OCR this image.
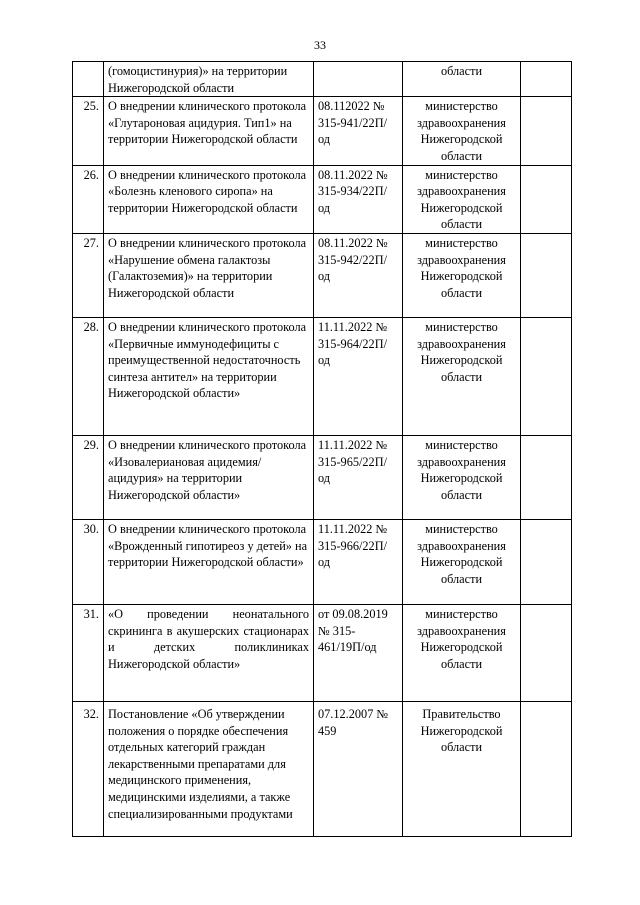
33
	(гомоцистинурия)» на территории Нижегородской области		области	
25.	О внедрении клинического протокола «Глутароновая ацидурия. Тип1» на территории Нижегородской области	08.112022 № 315-941/22П/од	министерство здравоохранения Нижегородской области	
26.	О внедрении клинического протокола «Болезнь кленового сиропа» на территории Нижегородской области	08.11.2022 № 315-934/22П/од	министерство здравоохранения Нижегородской области	
27.	О внедрении клинического протокола «Нарушение обмена галактозы (Галактоземия)» на территории Нижегородской области	08.11.2022 № 315-942/22П/од	министерство здравоохранения Нижегородской области	
28.	О внедрении клинического протокола «Первичные иммунодефициты с преимущественной недостаточность синтеза антител» на территории Нижегородской области»	11.11.2022 № 315-964/22П/од	министерство здравоохранения Нижегородской области	
29.	О внедрении клинического протокола «Изовалериановая ацидемия/ацидурия» на территории Нижегородской области»	11.11.2022 № 315-965/22П/од	министерство здравоохранения Нижегородской области	
30.	О внедрении клинического протокола «Врожденный гипотиреоз у детей» на территории Нижегородской области»	11.11.2022 № 315-966/22П/од	министерство здравоохранения Нижегородской области	
31.	«О проведении неонатального скрининга в акушерских стационарах и детских поликлиниках Нижегородской области»	от 09.08.2019 № 315-461/19П/од	министерство здравоохранения Нижегородской области	
32.	Постановление «Об утверждении положения о порядке обеспечения отдельных категорий граждан лекарственными препаратами для медицинского применения, медицинскими изделиями, а также специализированными продуктами	07.12.2007 № 459	Правительство Нижегородской области	
